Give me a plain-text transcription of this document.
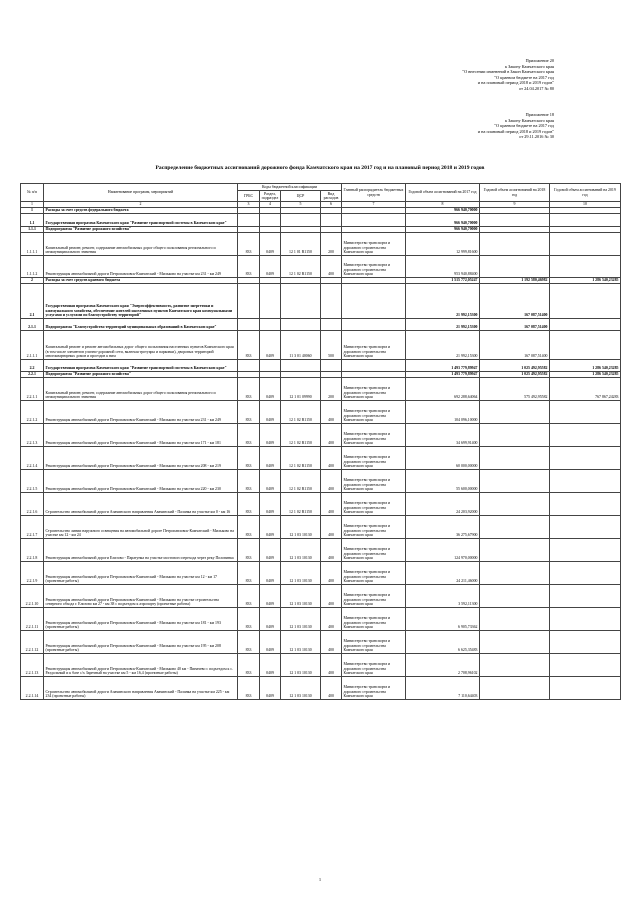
Приложение 20
к Закону Камчатского края
"О внесении изменений в Закон Камчатского края
"О краевом бюджете на 2017 год
и на плановый период 2018 и 2019 годов"
от 24.04.2017 № 80
Приложение 18
к Закону Камчатского края
"О краевом бюджете на 2017 год
и на плановый период 2018 и 2019 годов"
от 29.11.2016 № 30
Распределение бюджетных ассигнований дорожного фонда Камчатского края на 2017 год и на плановый период 2018 и 2019 годов
№ п/п	Наименование программ, мероприятий	Коды бюджетной классификации				Главный распорядитель бюджетных средств	Годовой объем ассигнований на 2017 год	Годовой объем ассигнований на 2018 год	Годовой объем ассигнований на 2019 год
		ГРБС	Раздел, подраздел	ЦСР	Вид расходов				
1	2	3	4	5	6	7	8	9	10
1	Расходы за счет средств федерального бюджета						966 940,70000		
1.1	Государственная программа Камчатского края "Развитие транспортной системы в Камчатском крае"						966 940,70000		
1.1.1	Подпрограмма "Развитие дорожного хозяйства"						966 940,70000		
1.1.1.1	Капитальный ремонт, ремонт, содержание автомобильных дорог общего пользования регионального и межмуниципального значения	833	0409	12 1 01 R1150	200	Министерство транспорта и дорожного строительства Камчатского края	12 999,81600		
1.1.1.2	Реконструкция автомобильной дороги Петропавловск-Камчатский - Мильково на участке км 231 - км 249	833	0409	12 1 02 R1150	400	Министерство транспорта и дорожного строительства Камчатского края	953 940,88400		
2	Расходы за счет средств краевого бюджета						1 515 772,05247	1 192 580,46982	1 286 540,23285
2.1	Государственная программа Камчатского края "Энергоэффективность, развитие энергетики и коммунального хозяйства, обеспечение жителей населенных пунктов Камчатского края коммунальными услугами и услугами по благоустройству территорий"						21 992,15300	167 087,51400	
2.1.1	Подпрограмма "Благоустройство территорий муниципальных образований в Камчатском крае"						21 992,15300	167 087,51400	
2.1.1.1	Капитальный ремонт и ремонт автомобильных дорог общего пользования населенных пунктов Камчатского края (в том числе элементов улично-дорожной сети, включая тротуары и парковки), дворовых территорий многоквартирных домов и проездов к ним	833	0409	11 3 01 40060	500	Министерство транспорта и дорожного строительства Камчатского края	21 992,15300	167 087,51400	
2.2	Государственная программа Камчатского края "Развитие транспортной системы в Камчатском крае"						1 493 779,89947	1 025 492,95582	1 286 540,23285
2.2.1	Подпрограмма "Развитие дорожного хозяйства"						1 493 779,89947	1 025 492,95582	1 286 540,23285
2.2.1.1	Капитальный ремонт, ремонт, содержание автомобильных дорог общего пользования регионального и межмуниципального значения	833	0409	12 1 01 09990	200	Министерство транспорта и дорожного строительства Камчатского края	692 288,64064	575 492,95582	767 867,24283
2.2.1.2	Реконструкция автомобильной дороги Петропавловск-Камчатский - Мильково на участке км 231 - км 249	833	0409	12 1 02 R1150	400	Министерство транспорта и дорожного строительства Камчатского края	104 096,10000		
2.2.1.3	Реконструкция автомобильной дороги Петропавловск-Камчатский - Мильково на участке км 171 - км 181	833	0409	12 1 02 R1150	400	Министерство транспорта и дорожного строительства Камчатского края	34 699,91400		
2.2.1.4	Реконструкция автомобильной дороги Петропавловск-Камчатский - Мильково на участке км 208 - км 219	833	0409	12 1 02 R1150	400	Министерство транспорта и дорожного строительства Камчатского края	60 000,00000		
2.2.1.5	Реконструкция автомобильной дороги Петропавловск-Камчатский - Мильково на участке км 220 - км 230	833	0409	12 1 02 R1150	400	Министерство транспорта и дорожного строительства Камчатского края	55 600,00000		
2.2.1.6	Строительство автомобильной дороги Апачинского направления Авачинский - Паланка на участке км 0 - км 16	833	0409	12 1 02 R1150	400	Министерство транспорта и дорожного строительства Камчатского края	24 203,92000		
2.2.1.7	Строительство линии наружного освещения на автомобильной дороге Петропавловск-Камчатский - Мильково на участке км 12 - км 24	833	0409	12 1 03 10130	400	Министерство транспорта и дорожного строительства Камчатского края	36 275,67900		
2.2.1.8	Реконструкция автомобильной дороги Елизово - Паратунка на участке мостового перехода через реку Половинка	833	0409	12 1 03 10130	400	Министерство транспорта и дорожного строительства Камчатского края	124 970,00000		
2.2.1.9	Реконструкция автомобильной дороги Петропавловск-Камчатский - Мильково на участке км 12 - км 17 (проектные работы)	833	0409	12 1 03 10130	400	Министерство транспорта и дорожного строительства Камчатского края	24 211,46000		
2.2.1.10	Реконструкция автомобильной дороги Петропавловск-Камчатский - Мильково на участке строительства северного обхода г. Елизово км 27 - км 38 с подъездом к аэропорту (проектные работы)	833	0409	12 1 03 10130	400	Министерство транспорта и дорожного строительства Камчатского края	3 592,11300		
2.2.1.11	Реконструкция автомобильной дороги Петропавловск-Камчатский - Мильково на участке км 181 - км 193 (проектные работы)	833	0409	12 1 03 10130	400	Министерство транспорта и дорожного строительства Камчатского края	6 905,73362		
2.2.1.12	Реконструкция автомобильной дороги Петропавловск-Камчатский - Мильково на участке км 195 - км 208 (проектные работы)	833	0409	12 1 03 10130	400	Министерство транспорта и дорожного строительства Камчатского края	6 625,35483		
2.2.1.13	Реконструкция автомобильной дороги Петропавловск-Камчатский - Мильково 40 км - Пиначево с подъездом к с. Раздольный и к базе с/х Заречный на участке км 5 - км 16,4 (проектные работы)	833	0409	12 1 03 10130	400	Министерство транспорта и дорожного строительства Камчатского края	2 708,96102		
2.2.1.14	Строительство автомобильной дороги Апачинского направления Авачинский - Паланка на участке км 225 - км 234 (проектные работы)	833	0409	12 1 03 10130	400	Министерство транспорта и дорожного строительства Камчатского края	7 110,64403		
1
